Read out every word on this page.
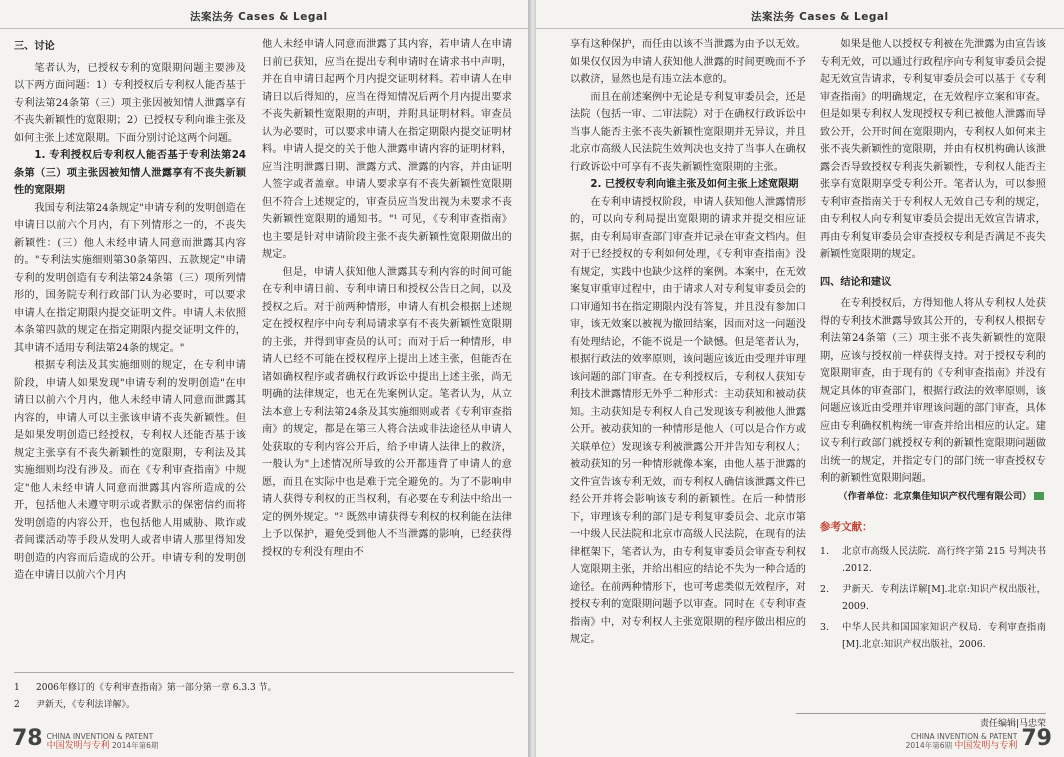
法案法务 Cases & Legal

三、讨论

笔者认为，已授权专利的宽限期问题主要涉及以下两方面问题：1）专利授权后专利权人能否基于专利法第24条第（三）项主张因被知情人泄露享有不丧失新颖性的宽限期；2）已授权专利向谁主张及如何主张上述宽限期。下面分别讨论这两个问题。

1. 专利授权后专利权人能否基于专利法第24条第（三）项主张因被知情人泄露享有不丧失新颖性的宽限期

我国专利法第24条规定"申请专利的发明创造在申请日以前六个月内，有下列情形之一的，不丧失新颖性：(三）他人未经申请人同意而泄露其内容的。"专利法实施细则第30条第四、五款规定"申请专利的发明创造有专利法第24条第（三）项所列情形的，国务院专利行政部门认为必要时，可以要求申请人在指定期限内提交证明文件。申请人未依照本条第四款的规定在指定期限内提交证明文件的，其申请不适用专利法第24条的规定。"

根据专利法及其实施细则的规定，在专利申请阶段，申请人如果发现"申请专利的发明创造"在申请日以前六个月内，他人未经申请人同意而泄露其内容的，申请人可以主张该申请不丧失新颖性。但是如果发明创造已经授权，专利权人还能否基于该规定主张享有不丧失新颖性的宽限期，专利法及其实施细则均没有涉及。而在《专利审查指南》中规定"他人未经申请人同意而泄露其内容所造成的公开，包括他人未遵守明示或者默示的保密信约而将发明创造的内容公开，也包括他人用威胁、欺诈或者间谍活动等手段从发明人或者申请人那里得知发明创造的内容而后造成的公开。申请专利的发明创造在申请日以前六个月内

他人未经申请人同意而泄露了其内容，若申请人在申请日前已获知，应当在提出专利申请时在请求书中声明，并在自申请日起两个月内提交证明材料。若申请人在申请日以后得知的，应当在得知情况后两个月内提出要求不丧失新颖性宽限期的声明，并附具证明材料。审查员认为必要时，可以要求申请人在指定期限内提交证明材料。申请人提交的关于他人泄露申请内容的证明材料，应当注明泄露日期、泄露方式、泄露的内容，并由证明人签字或者盖章。申请人要求享有不丧失新颖性宽限期但不符合上述规定的，审查员应当发出视为未要求不丧失新颖性宽限期的通知书。"¹ 可见，《专利审查指南》也主要是针对申请阶段主张不丧失新颖性宽限期做出的规定。

但是，申请人获知他人泄露其专利内容的时间可能在专利申请日前、专利申请日和授权公告日之间，以及授权之后。对于前两种情形，申请人有机会根据上述规定在授权程序中向专利局请求享有不丧失新颖性宽限期的主张，并得到审查员的认可；而对于后一种情形，申请人已经不可能在授权程序上提出上述主张，但能否在诸如确权程序或者确权行政诉讼中提出上述主张，尚无明确的法律规定，也无在先案例认定。笔者认为，从立法本意上专利法第24条及其实施细则或者《专利审查指南》的规定，都是在第三人将合法或非法途径从申请人处获取的专利内容公开后，给予申请人法律上的救济，一般认为"上述情况所导致的公开都违背了申请人的意愿，而且在实际中也是难于完全避免的。为了不影响申请人获得专利权的正当权利，有必要在专利法中给出一定的例外规定。"² 既然申请获得专利权的权利能在法律上予以保护，避免受到他人不当泄露的影响，已经获得授权的专利没有理由不

1	2006年修订的《专利审查指南》第一部分第一章 6.3.3 节。
2	尹新天，《专利法详解》。
78 CHINA INVENTION & PATENT
中国发明与专利 2014年第6期
法案法务 Cases & Legal

享有这种保护，而任由以该不当泄露为由予以无效。如果仅仅因为申请人获知他人泄露的时间更晚而不予以救济，显然也是有违立法本意的。

而且在前述案例中无论是专利复审委员会，还是法院（包括一审、二审法院）对于在确权行政诉讼中当事人能否主张不丧失新颖性宽限期并无异议，并且北京市高级人民法院生效判决也支持了当事人在确权行政诉讼中可享有不丧失新颖性宽限期的主张。

2. 已授权专利向谁主张及如何主张上述宽限期

在专利申请授权阶段，申请人获知他人泄露情形的，可以向专利局提出宽限期的请求并提交相应证据，由专利局审查部门审查并记录在审查文档内。但对于已经授权的专利如何处理，《专利审查指南》没有规定，实践中也缺少这样的案例。本案中，在无效案复审重审过程中，由于请求人对专利复审委员会的口审通知书在指定期限内没有答复，并且没有参加口审，该无效案以被视为撤回结案，因而对这一问题没有处理结论，不能不说是一个缺憾。但是笔者认为，根据行政法的效率原则，该问题应该近由受理并审理该问题的部门审查。在专利授权后，专利权人获知专利技术泄露情形无外乎二种形式：主动获知和被动获知。主动获知是专利权人自己发现该专利被他人泄露公开。被动获知的一种情形是他人（可以是合作方或关联单位）发现该专利被泄露公开并告知专利权人；被动获知的另一种情形就像本案，由他人基于泄露的文件宣告该专利无效，而专利权人确信该泄露文件已经公开并将会影响该专利的新颖性。在后一种情形下，审理该专利的部门是专利复审委员会、北京市第一中级人民法院和北京市高级人民法院，在现有的法律框架下，笔者认为，由专利复审委员会审查专利权人宽限期主张，并给出相应的结论不失为一种合适的途径。在前两种情形下，也可考虑类似无效程序，对授权专利的宽限期问题予以审查。同时在《专利审查指南》中，对专利权人主张宽限期的程序做出相应的规定。

如果是他人以授权专利被在先泄露为由宣告该专利无效，可以通过行政程序向专利复审委员会提起无效宣告请求，专利复审委员会可以基于《专利审查指南》的明确规定，在无效程序立案和审查。但是如果专利权人发现授权专利已被他人泄露而导致公开，公开时间在宽限期内，专利权人如何来主张不丧失新颖性的宽限期，并由有权机构确认该泄露会否导致授权专利丧失新颖性，专利权人能否主张享有宽限期享受专利公开。笔者认为，可以参照专利审查指南关于专利权人无效自己专利的规定，由专利权人向专利复审委员会提出无效宣告请求，再由专利复审委员会审查授权专利是否满足不丧失新颖性宽限期的规定。

四、结论和建议

在专利授权后，方得知他人将从专利权人处获得的专利技术泄露导致其公开的，专利权人根据专利法第24条第（三）项主张不丧失新颖性的宽限期，应该与授权前一样获得支持。对于授权专利的宽限期审查，由于现有的《专利审查指南》并没有规定具体的审查部门，根据行政法的效率原则，该问题应该近由受理并审理该问题的部门审查，具体应由专利确权机构统一审查并给出相应的认定。建议专利行政部门就授权专利的新颖性宽限期问题做出统一的规定，并指定专门的部门统一审查授权专利的新颖性宽限期问题。

（作者单位：北京集佳知识产权代理有限公司）

参考文献：

1.	北京市高级人民法院．高行终字第 215 号判决书 .2012.
2.	尹新天．专利法详解[M].北京:知识产权出版社，2009.
3.	中华人民共和国国家知识产权局．专利审查指南[M].北京:知识产权出版社，2006.
责任编辑|马忠荣
CHINA INVENTION & PATENT
2014年第6期 中国发明与专利 79
